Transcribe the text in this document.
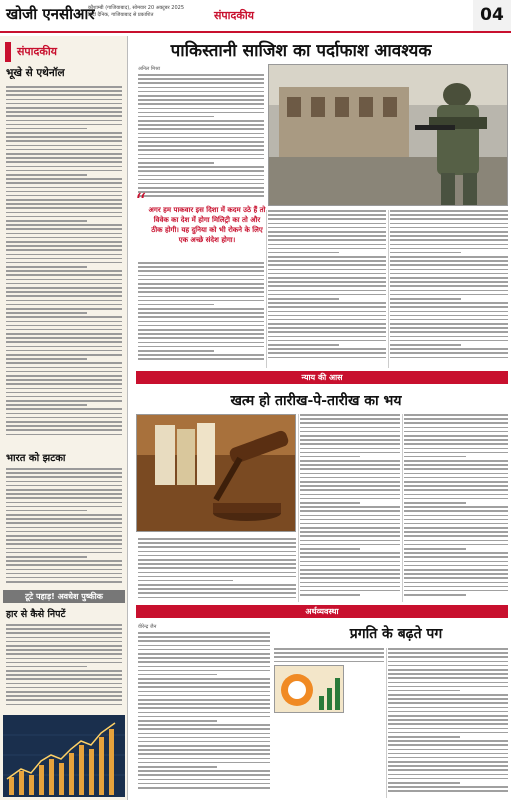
खोजी एनसीआर
कौशाम्बी (गाजियाबाद), सोमवार 20 अक्टूबर 2025
हिंदी दैनिक, गाजियाबाद से प्रकाशित	संपादकीय	04
संपादकीय
भूखे से एथेनॉल
भारत को झटका
टूटे पहाड़! अवधेश पुष्कीक
हार से कैसे निपटें
पाकिस्तानी साजिश का पर्दाफाश आवश्यक
अनिल मिश्रा
“ अगर हम पाकवार इस दिशा में कदम उठे हैं तो विवेक का देश में होगा मिलिट्री का तो और ठीक होगी। यह दुनिया को भी रोकने के लिए एक अच्छे संदेश होगा।
न्याय की आस
खत्म हो तारीख-पे-तारीख का भय
अर्थव्यवस्था
प्रगति के बढ़ते पग
वीरेन्द्र जैन
